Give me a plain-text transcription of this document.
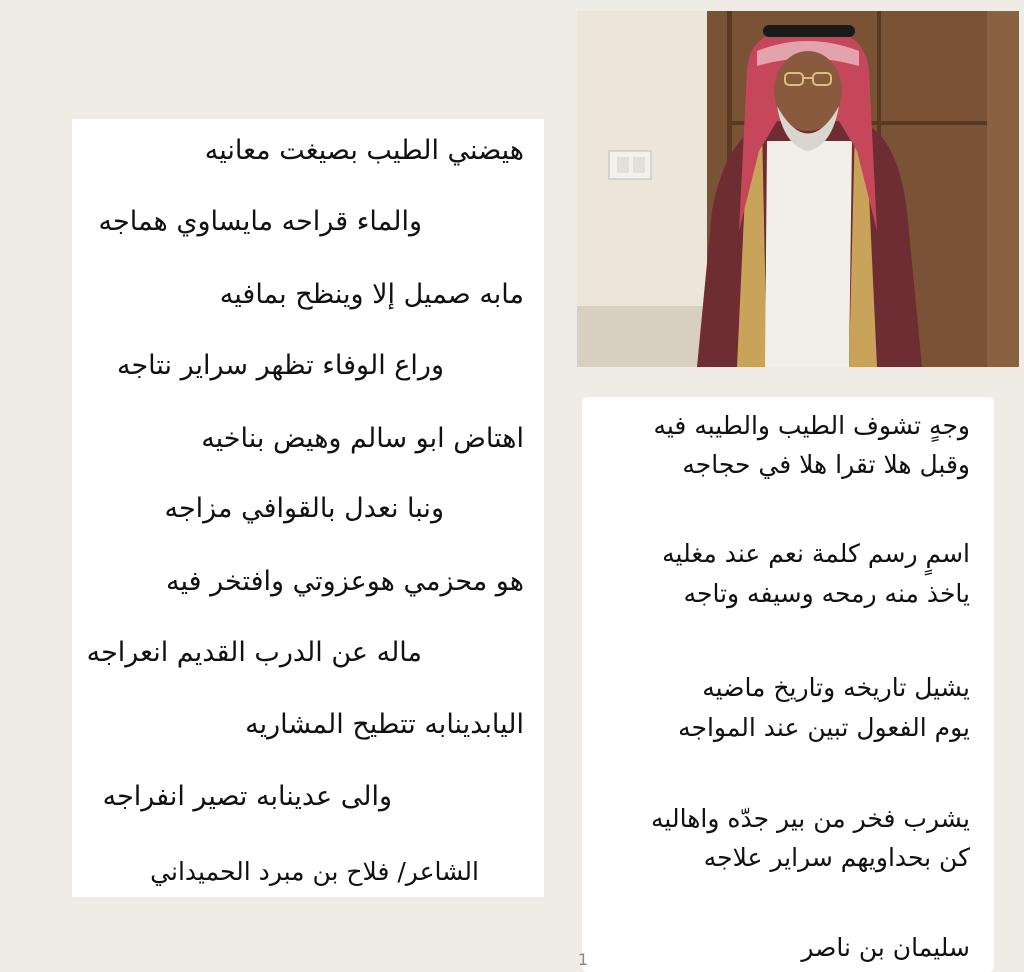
هيضني الطيب بصيغت معانيه
والماء قراحه مايساوي هماجه
مابه صميل إلا وينظح بمافيه
وراع الوفاء تظهر سراير نتاجه
اهتاض ابو سالم وهيض بناخيه
ونبا نعدل بالقوافي مزاجه
هو محزمي هوعزوتي وافتخر فيه
ماله عن الدرب القديم انعراجه
اليابدينابه تتطيح المشاريه
والى عدينابه تصير انفراجه
الشاعر/ فلاح بن مبرد الحميداني
وجهٍ تشوف الطيب والطيبه فيه
وقبل هلا تقرا هلا في حجاجه
اسمٍ رسم كلمة نعم عند مغليه
ياخذ منه رمحه وسيفه وتاجه
يشيل تاريخه وتاريخ ماضيه
يوم الفعول تبين عند المواجه
يشرب فخر من بير جدّه واهاليه
كن بحداويهم سراير علاجه
سليمان بن ناصر
1
